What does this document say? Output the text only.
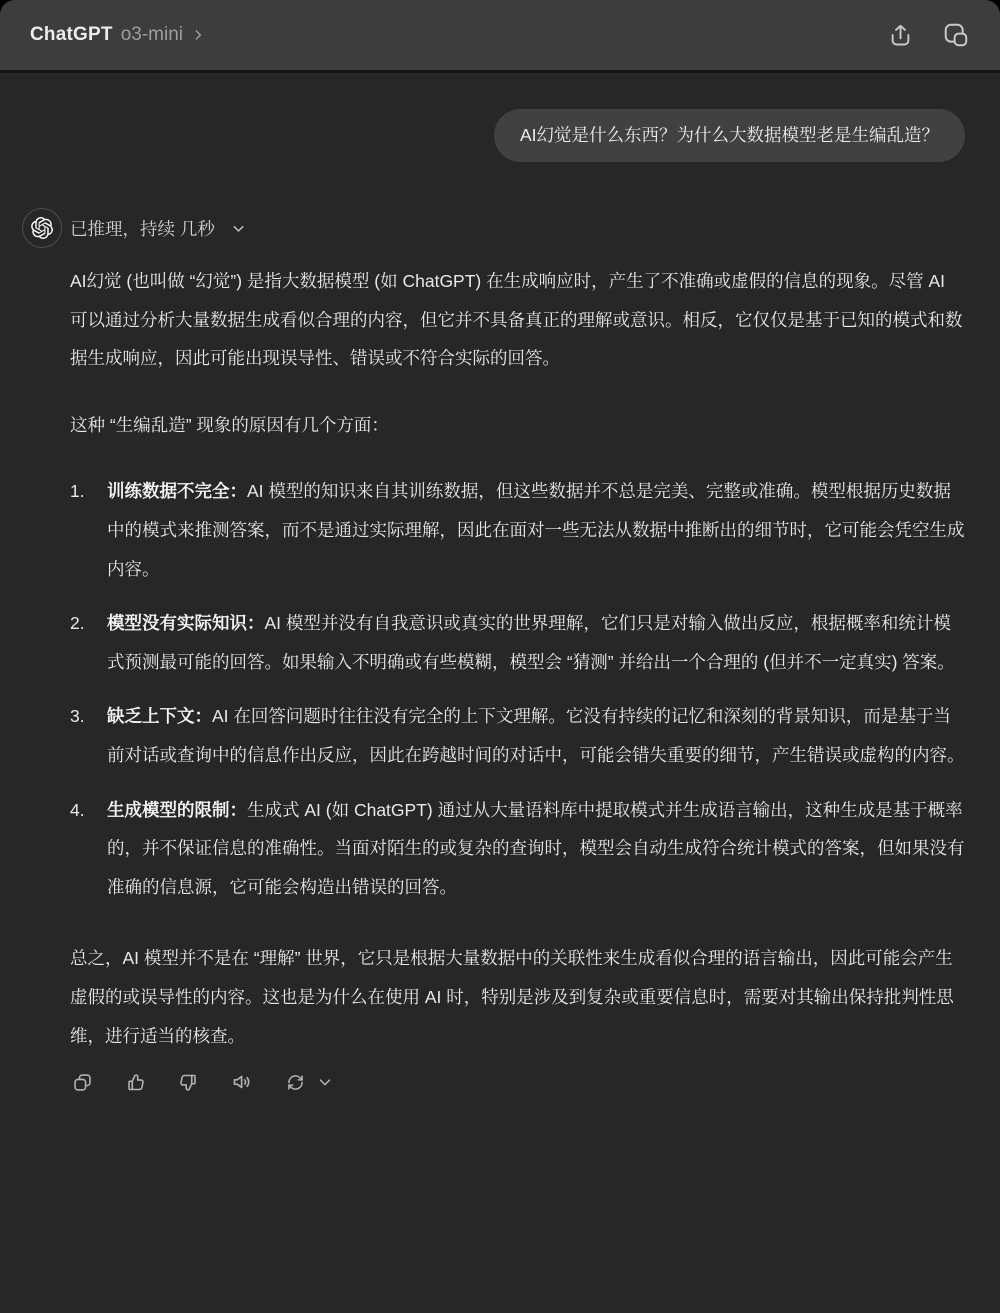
ChatGPT o3-mini
AI幻觉是什么东西？为什么大数据模型老是生编乱造？
已推理，持续 几秒

AI幻觉 (也叫做 “幻觉”) 是指大数据模型 (如 ChatGPT) 在生成响应时，产生了不准确或虚假的信息的现象。尽管 AI 可以通过分析大量数据生成看似合理的内容，但它并不具备真正的理解或意识。相反，它仅仅是基于已知的模式和数据生成响应，因此可能出现误导性、错误或不符合实际的回答。

这种 “生编乱造” 现象的原因有几个方面：

1.	训练数据不完全：AI 模型的知识来自其训练数据，但这些数据并不总是完美、完整或准确。模型根据历史数据中的模式来推测答案，而不是通过实际理解，因此在面对一些无法从数据中推断出的细节时，它可能会凭空生成内容。
2.	模型没有实际知识：AI 模型并没有自我意识或真实的世界理解，它们只是对输入做出反应，根据概率和统计模式预测最可能的回答。如果输入不明确或有些模糊，模型会 “猜测” 并给出一个合理的 (但并不一定真实) 答案。
3.	缺乏上下文：AI 在回答问题时往往没有完全的上下文理解。它没有持续的记忆和深刻的背景知识，而是基于当前对话或查询中的信息作出反应，因此在跨越时间的对话中，可能会错失重要的细节，产生错误或虚构的内容。
4.	生成模型的限制：生成式 AI (如 ChatGPT) 通过从大量语料库中提取模式并生成语言输出，这种生成是基于概率的，并不保证信息的准确性。当面对陌生的或复杂的查询时，模型会自动生成符合统计模式的答案，但如果没有准确的信息源，它可能会构造出错误的回答。

总之，AI 模型并不是在 “理解” 世界，它只是根据大量数据中的关联性来生成看似合理的语言输出，因此可能会产生虚假的或误导性的内容。这也是为什么在使用 AI 时，特别是涉及到复杂或重要信息时，需要对其输出保持批判性思维，进行适当的核查。
